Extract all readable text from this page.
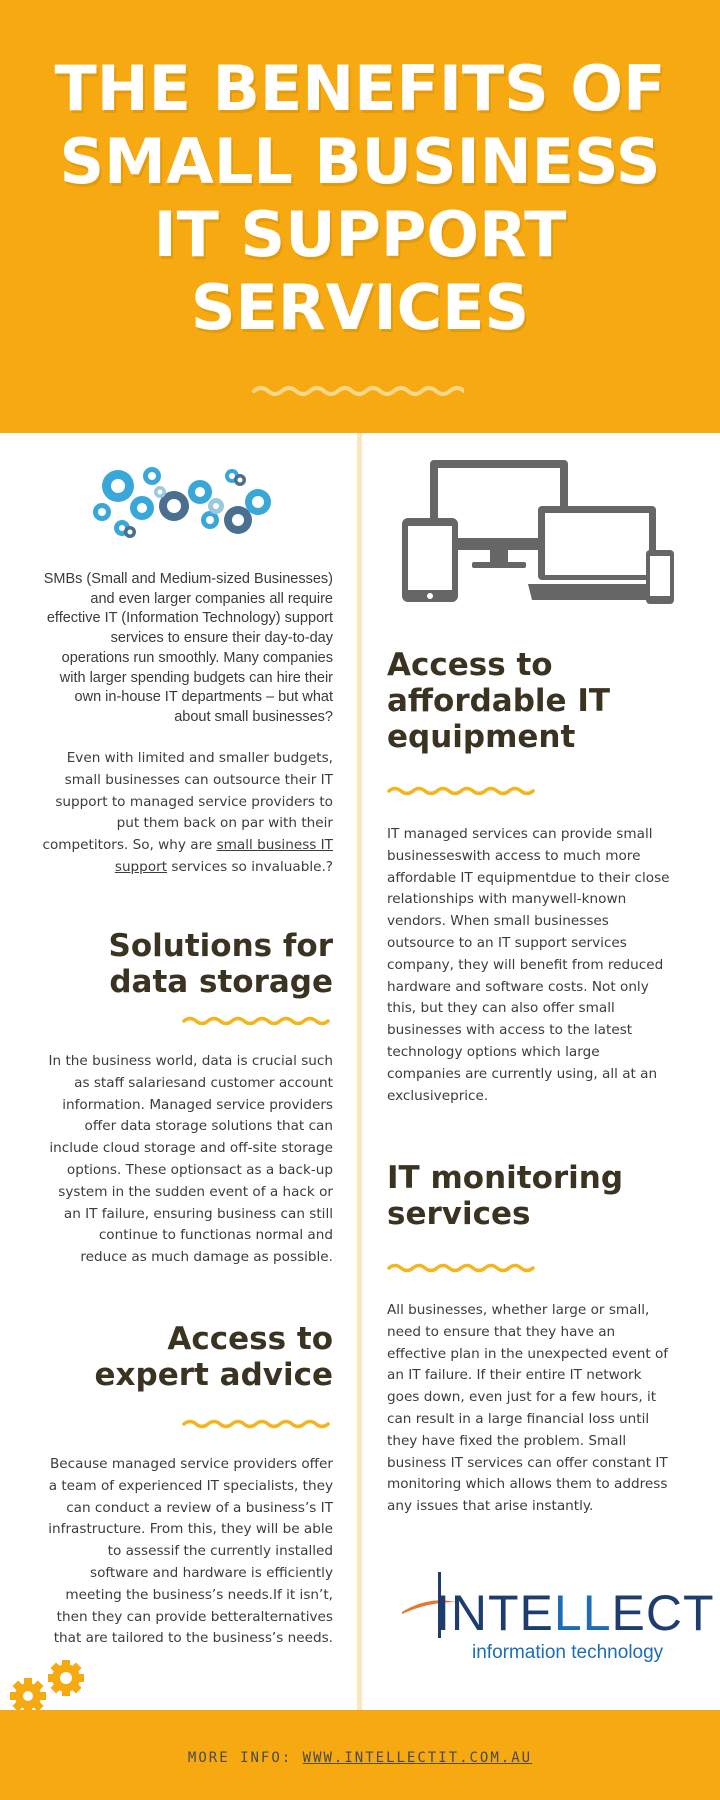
THE BENEFITS OF
SMALL BUSINESS
IT SUPPORT
SERVICES
SMBs (Small and Medium-sized Businesses) and even larger companies all require effective IT (Information Technology) support services to ensure their day-to-day operations run smoothly. Many companies with larger spending budgets can hire their own in-house IT departments – but what about small businesses?
Even with limited and smaller budgets, small businesses can outsource their IT support to managed service providers to put them back on par with their competitors. So, why are small business IT support services so invaluable.?
Solutions for data storage
In the business world, data is crucial such as staff salariesand customer account information. Managed service providers offer data storage solutions that can include cloud storage and off-site storage options. These optionsact as a back-up system in the sudden event of a hack or an IT failure, ensuring business can still continue to functionas normal and reduce as much damage as possible.
Access to expert advice
Because managed service providers offer a team of experienced IT specialists, they can conduct a review of a business’s IT infrastructure. From this, they will be able to assessif the currently installed software and hardware is efficiently meeting the business’s needs.If it isn’t, then they can provide betteralternatives that are tailored to the business’s needs.
Access to affordable IT equipment
IT managed services can provide small businesseswith access to much more affordable IT equipmentdue to their close relationships with manywell-known vendors. When small businesses outsource to an IT support services company, they will benefit from reduced hardware and software costs. Not only this, but they can also offer small businesses with access to the latest technology options which large companies are currently using, all at an exclusiveprice.
IT monitoring services
All businesses, whether large or small, need to ensure that they have an effective plan in the unexpected event of an IT failure. If their entire IT network goes down, even just for a few hours, it can result in a large financial loss until they have fixed the problem. Small business IT services can offer constant IT monitoring which allows them to address any issues that arise instantly.
INTELLECT
information technology
MORE INFO: WWW.INTELLECTIT.COM.AU
